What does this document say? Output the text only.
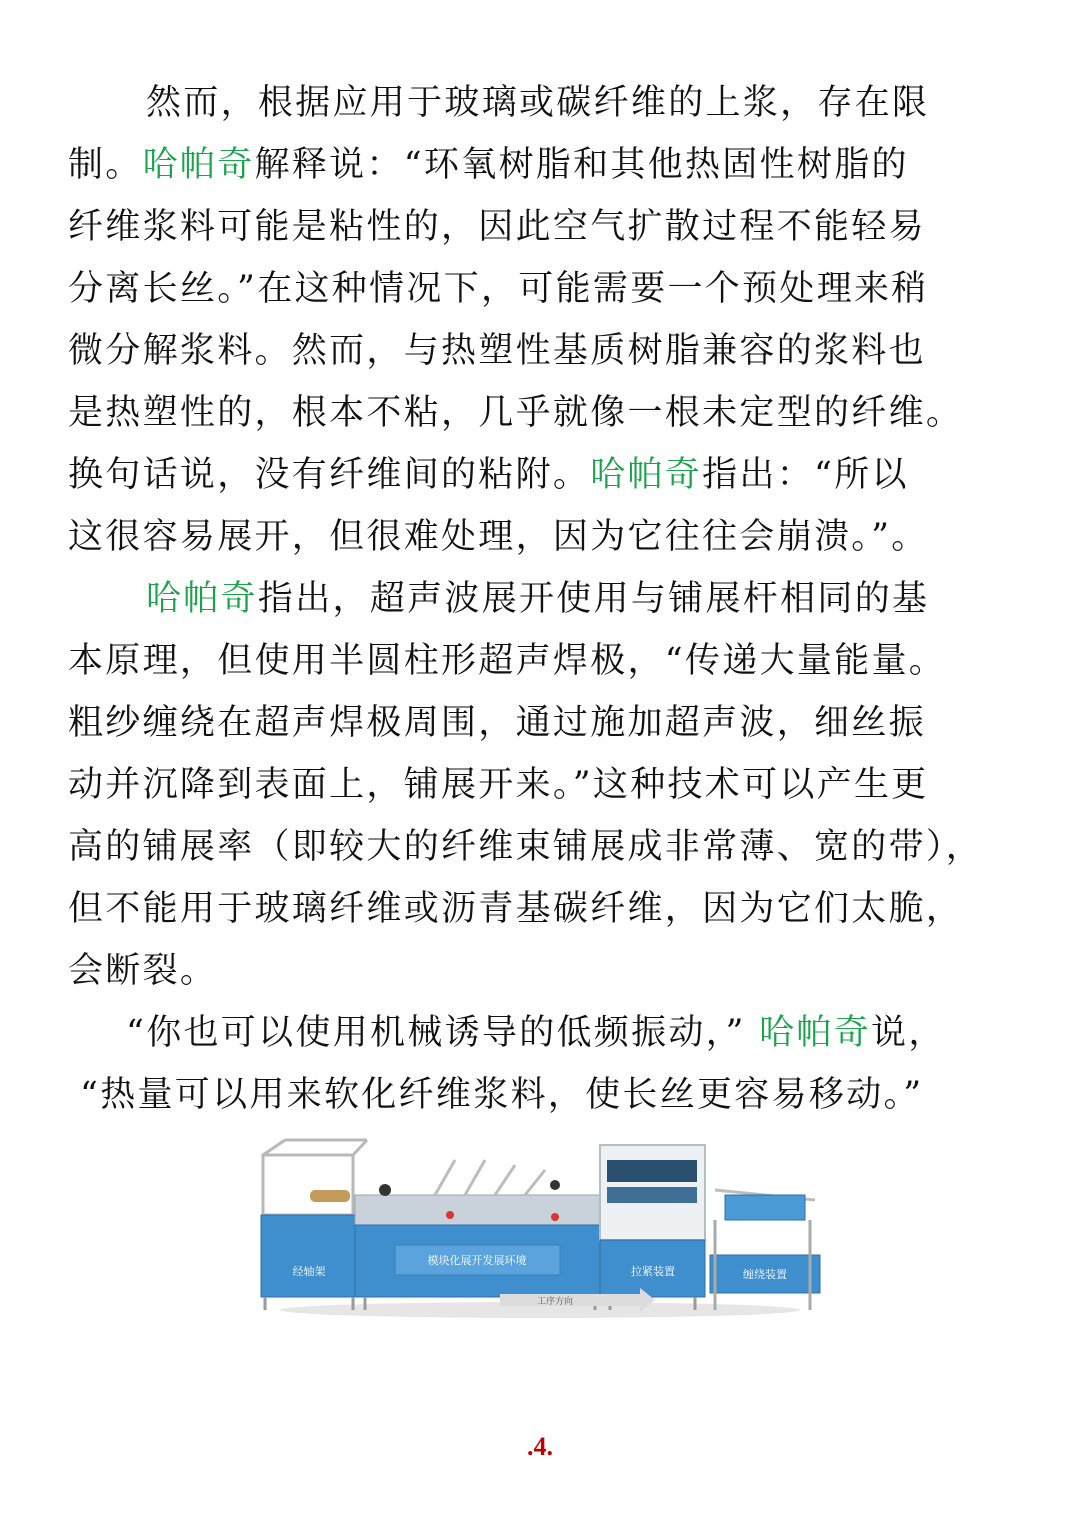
然而，根据应用于玻璃或碳纤维的上浆，存在限
制。哈帕奇解释说：“环氧树脂和其他热固性树脂的
纤维浆料可能是粘性的，因此空气扩散过程不能轻易
分离长丝。”在这种情况下，可能需要一个预处理来稍
微分解浆料。然而，与热塑性基质树脂兼容的浆料也
是热塑性的，根本不粘，几乎就像一根未定型的纤维。
换句话说，没有纤维间的粘附。哈帕奇指出：“所以
这很容易展开，但很难处理，因为它往往会崩溃。”。
哈帕奇指出，超声波展开使用与铺展杆相同的基
本原理，但使用半圆柱形超声焊极，“传递大量能量。
粗纱缠绕在超声焊极周围，通过施加超声波，细丝振
动并沉降到表面上，铺展开来。”这种技术可以产生更
高的铺展率（即较大的纤维束铺展成非常薄、宽的带），
但不能用于玻璃纤维或沥青基碳纤维，因为它们太脆，
会断裂。
“你也可以使用机械诱导的低频振动，” 哈帕奇说，
“热量可以用来软化纤维浆料，使长丝更容易移动。”
经轴架
模块化展开发展环境
拉紧装置	缠绕装置
工序方向
.4.
